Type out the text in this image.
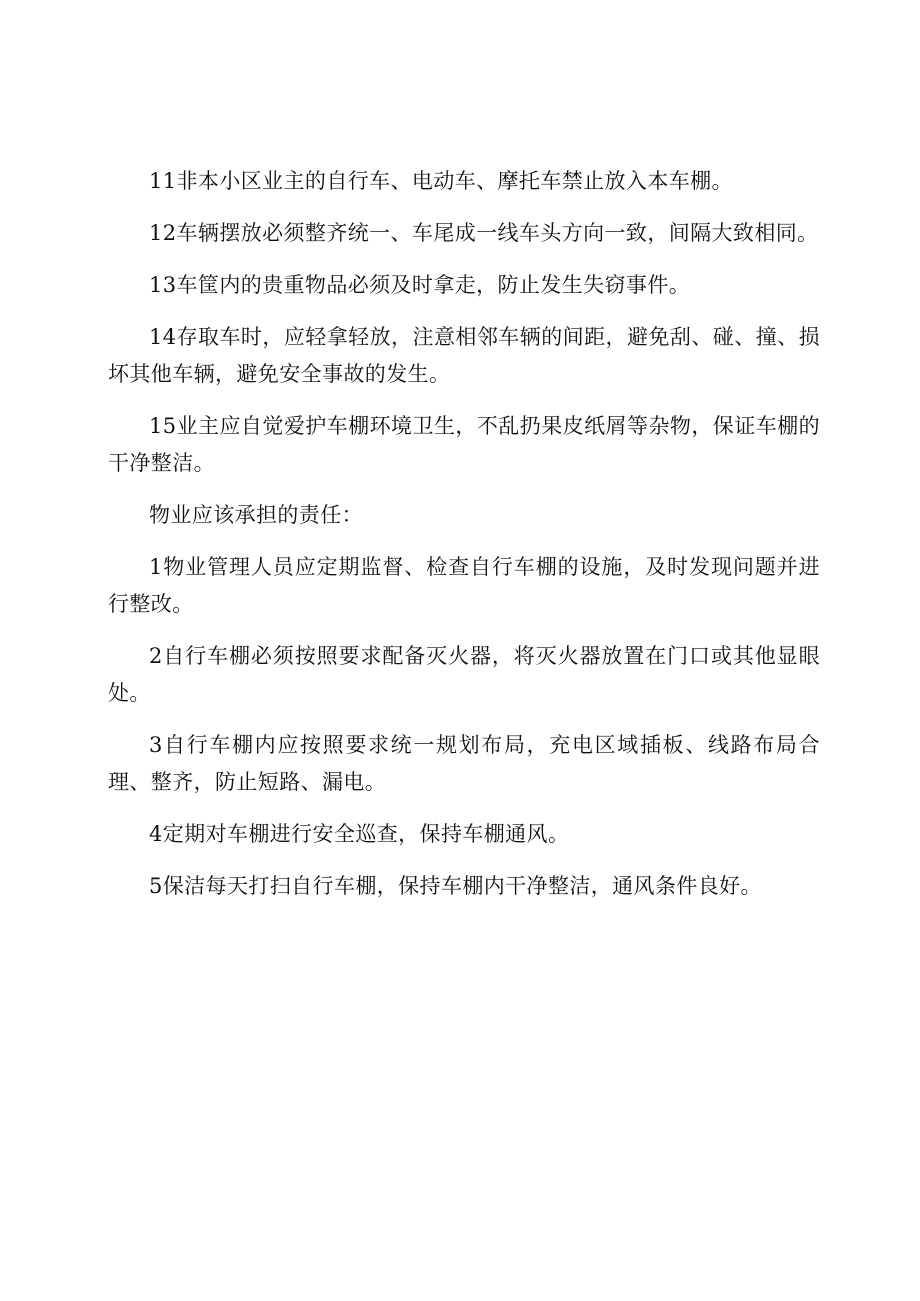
11非本小区业主的自行车、电动车、摩托车禁止放入本车棚。

12车辆摆放必须整齐统一、车尾成一线车头方向一致，间隔大致相同。

13车筐内的贵重物品必须及时拿走，防止发生失窃事件。

14存取车时，应轻拿轻放，注意相邻车辆的间距，避免刮、碰、撞、损坏其他车辆，避免安全事故的发生。

15业主应自觉爱护车棚环境卫生，不乱扔果皮纸屑等杂物，保证车棚的干净整洁。

物业应该承担的责任：

1物业管理人员应定期监督、检查自行车棚的设施，及时发现问题并进行整改。

2自行车棚必须按照要求配备灭火器，将灭火器放置在门口或其他显眼处。

3自行车棚内应按照要求统一规划布局，充电区域插板、线路布局合理、整齐，防止短路、漏电。

4定期对车棚进行安全巡查，保持车棚通风。

5保洁每天打扫自行车棚，保持车棚内干净整洁，通风条件良好。
